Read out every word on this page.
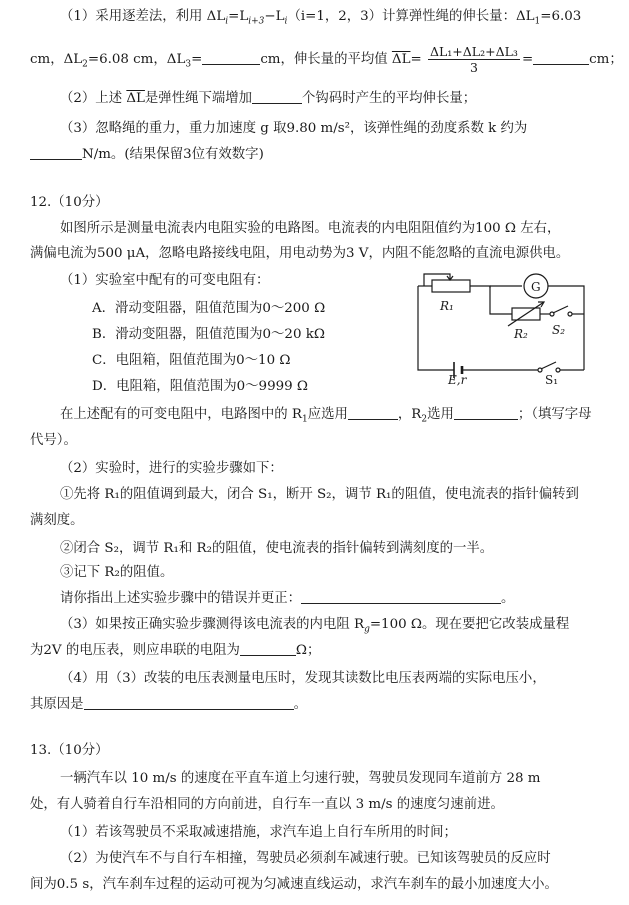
（1）采用逐差法，利用 $\Delta L_i=L_{i+3}-L_i(i=1$，2，3）计算弹性绳的伸长量：$\Delta L_1=6.03$
cm，$\Delta L_2=6.08$ cm，$\Delta L_3=$	cm，伸长量的平均值 $\overline{\Delta L}= \frac{\text{ΔL₁+ΔL₂+ΔL₃}}{3}$ =	cm；
（2）上述 $\overline{\Delta L}$是弹性绳下端增加	个钩码时产生的平均伸长量；
（3）忽略绳的重力，重力加速度 g 取9.80 m/s²，该弹性绳的劲度系数 k 约为
N/m。(结果保留3位有效数字)
12.（10分）
如图所示是测量电流表内电阻实验的电路图。电流表的内电阻阻值约为100 Ω 左右，
满偏电流为500 μA，忽略电路接线电阻，用电动势为3 V，内阻不能忽略的直流电源供电。
（1）实验室中配有的可变电阻有：
A．滑动变阻器，阻值范围为0～200 Ω
B．滑动变阻器，阻值范围为0～20 kΩ
C．电阻箱，阻值范围为0～10 Ω
D．电阻箱，阻值范围为0～9999 Ω
R₁
G
R₂ S₂
E,r	S₁
在上述配有的可变电阻中，电路图中的 $R_1$应选用	，$R_2$选用	；（填写字母
代号）。
（2）实验时，进行的实验步骤如下：
①先将 R₁的阻值调到最大，闭合 S₁，断开 S₂，调节 R₁的阻值，使电流表的指针偏转到
满刻度。
②闭合 S₂，调节 R₁和 R₂的阻值，使电流表的指针偏转到满刻度的一半。
③记下 R₂的阻值。
请你指出上述实验步骤中的错误并更正：	。
（3）如果按正确实验步骤测得该电流表的内电阻 $R_g=100$ Ω。现在要把它改装成量程
为2V 的电压表，则应串联的电阻为	Ω；
（4）用（3）改装的电压表测量电压时，发现其读数比电压表两端的实际电压小，
其原因是	。
13.（10分）
一辆汽车以 10 m/s 的速度在平直车道上匀速行驶，驾驶员发现同车道前方 28 m
处，有人骑着自行车沿相同的方向前进，自行车一直以 3 m/s 的速度匀速前进。
（1）若该驾驶员不采取减速措施，求汽车追上自行车所用的时间；
（2）为使汽车不与自行车相撞，驾驶员必须刹车减速行驶。已知该驾驶员的反应时
间为0.5 s，汽车刹车过程的运动可视为匀减速直线运动，求汽车刹车的最小加速度大小。
